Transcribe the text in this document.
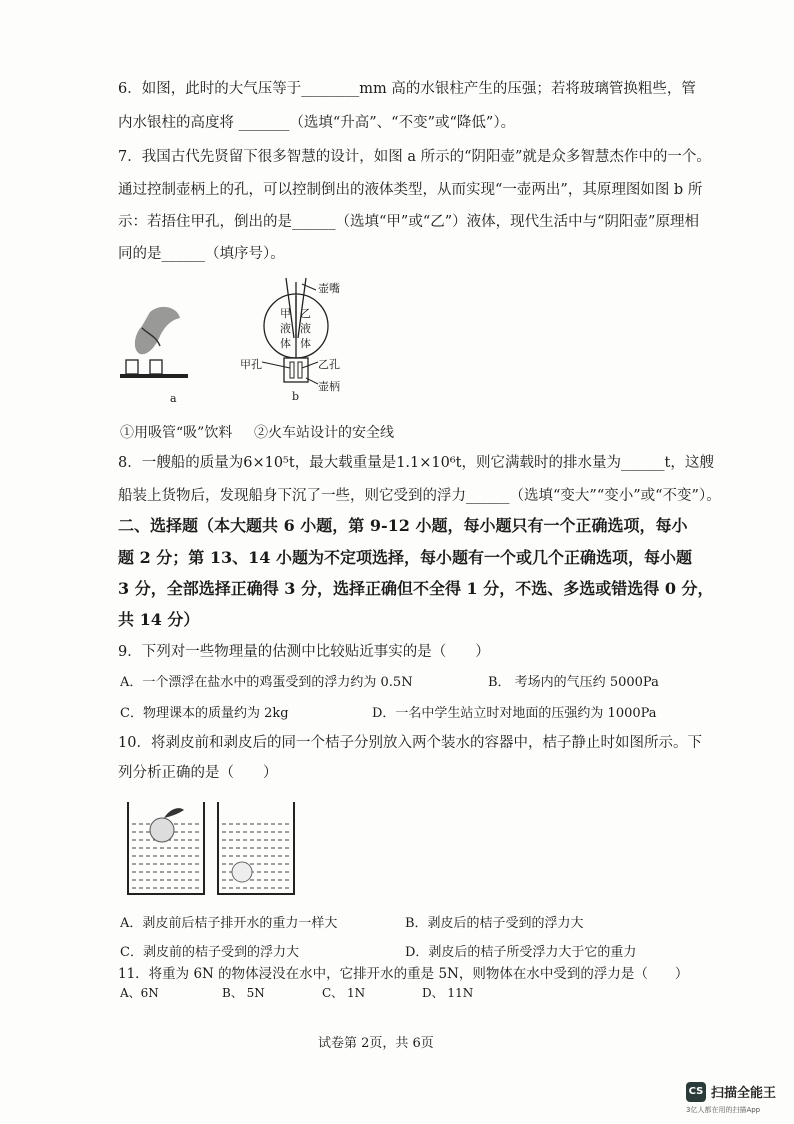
6．如图，此时的大气压等于________mm 高的水银柱产生的压强；若将玻璃管换粗些，管
内水银柱的高度将 _______（选填“升高”、“不变”或“降低”）。
7．我国古代先贤留下很多智慧的设计，如图 a 所示的“阴阳壶”就是众多智慧杰作中的一个。
通过控制壶柄上的孔，可以控制倒出的液体类型，从而实现“一壶两出”，其原理图如图 b 所
示：若捂住甲孔，倒出的是______（选填“甲”或“乙”）液体，现代生活中与“阴阳壶”原理相
同的是______（填序号）。
a
壶嘴
甲
液
体
乙
液
体
甲孔	乙孔
壶柄
b
①用吸管“吸”饮料 ②火车站设计的安全线
8．一艘船的质量为6×10⁵t，最大载重量是1.1×10⁶t，则它满载时的排水量为______t，这艘
船装上货物后，发现船身下沉了一些，则它受到的浮力______（选填“变大”“变小”或“不变”）。
二、选择题（本大题共 6 小题，第 9-12 小题，每小题只有一个正确选项，每小
题 2 分；第 13、14 小题为不定项选择，每小题有一个或几个正确选项，每小题
3 分，全部选择正确得 3 分，选择正确但不全得 1 分，不选、多选或错选得 0 分，
共 14 分）
9．下列对一些物理量的估测中比较贴近事实的是（　　）
A．一个漂浮在盐水中的鸡蛋受到的浮力约为 0.5N	B． 考场内的气压约 5000Pa
C．物理课本的质量约为 2kg	D．一名中学生站立时对地面的压强约为 1000Pa
10．将剥皮前和剥皮后的同一个桔子分别放入两个装水的容器中，桔子静止时如图所示。下
列分析正确的是（　　）
A．剥皮前后桔子排开水的重力一样大	B．剥皮后的桔子受到的浮力大
C．剥皮前的桔子受到的浮力大	D．剥皮后的桔子所受浮力大于它的重力
11．将重为 6N 的物体浸没在水中，它排开水的重是 5N，则物体在水中受到的浮力是（　　）
A、6N	B、 5N	C、 1N	D、 11N
试卷第 2页，共 6页
CS 扫描全能王
3亿人都在用的扫描App
